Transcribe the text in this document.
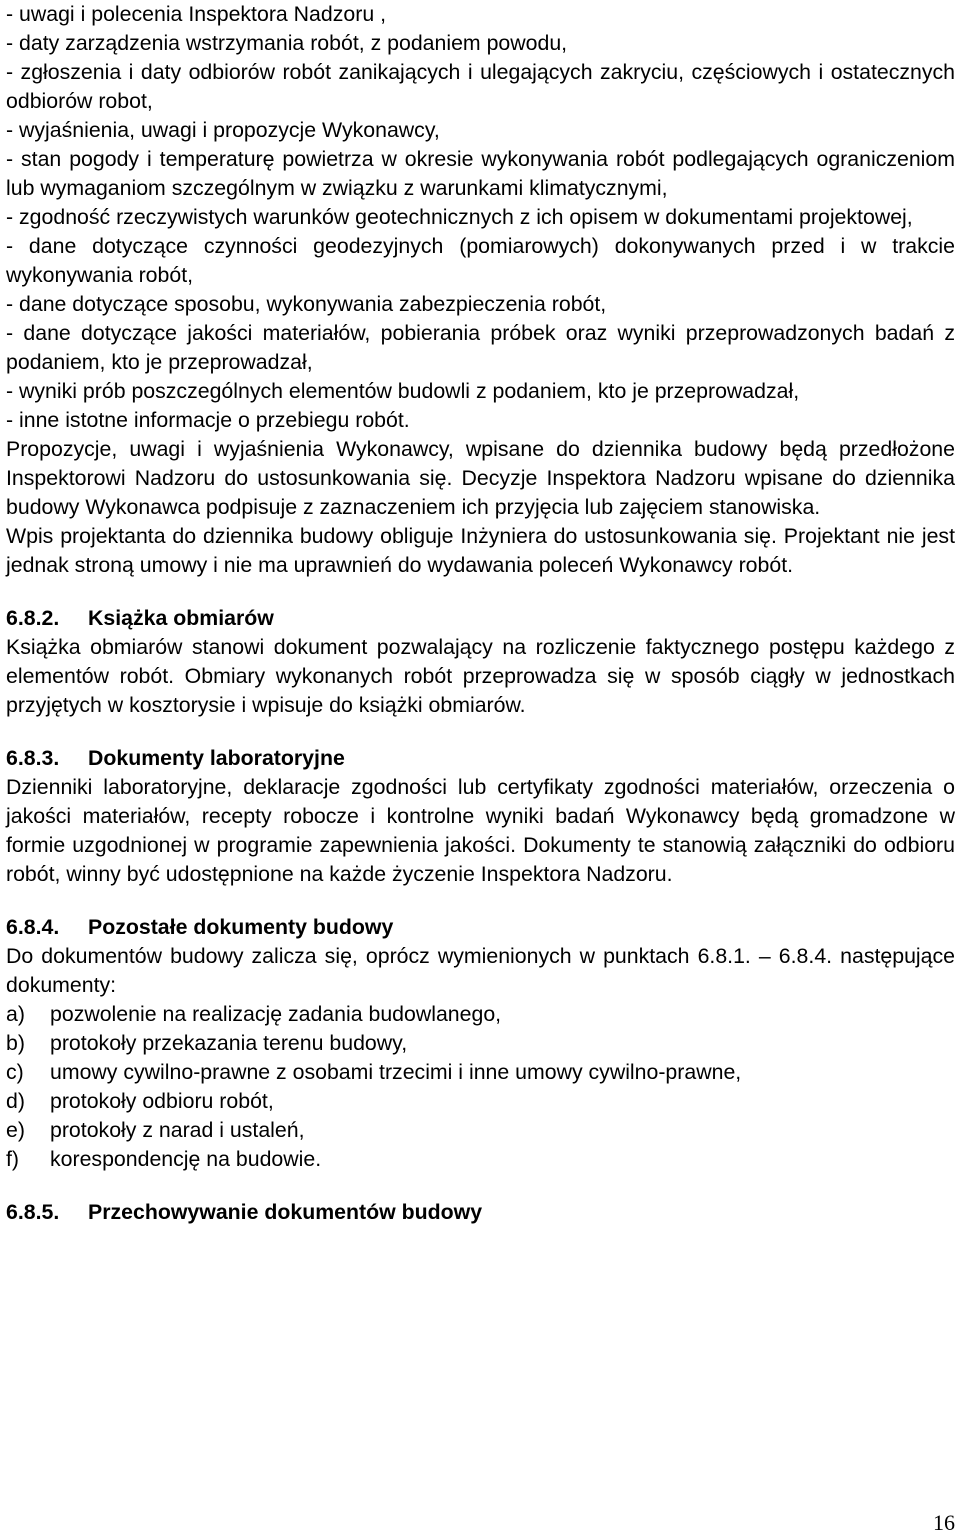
- uwagi i polecenia Inspektora Nadzoru ,

- daty zarządzenia wstrzymania robót, z podaniem powodu,

- zgłoszenia i daty odbiorów robót zanikających i ulegających zakryciu, częściowych i ostatecznych odbiorów robot,

- wyjaśnienia, uwagi i propozycje Wykonawcy,

- stan pogody i temperaturę powietrza w okresie wykonywania robót podlegających ograniczeniom lub wymaganiom szczególnym w związku z warunkami klimatycznymi,

- zgodność rzeczywistych warunków geotechnicznych z ich opisem w dokumentami projektowej,

- dane dotyczące czynności geodezyjnych (pomiarowych) dokonywanych przed i w trakcie wykonywania robót,

- dane dotyczące sposobu, wykonywania zabezpieczenia robót,

- dane dotyczące jakości materiałów, pobierania próbek oraz wyniki przeprowadzonych badań z podaniem, kto je przeprowadzał,

- wyniki prób poszczególnych elementów budowli z podaniem, kto je przeprowadzał,

- inne istotne informacje o przebiegu robót.

Propozycje, uwagi i wyjaśnienia Wykonawcy, wpisane do dziennika budowy będą przedłożone Inspektorowi Nadzoru do ustosunkowania się. Decyzje Inspektora Nadzoru wpisane do dziennika budowy Wykonawca podpisuje z zaznaczeniem ich przyjęcia lub zajęciem stanowiska.

Wpis projektanta do dziennika budowy obliguje Inżyniera do ustosunkowania się. Projektant nie jest jednak stroną umowy i nie ma uprawnień do wydawania poleceń Wykonawcy robót.

6.8.2. Książka obmiarów

Książka obmiarów stanowi dokument pozwalający na rozliczenie faktycznego postępu każdego z elementów robót. Obmiary wykonanych robót przeprowadza się w sposób ciągły w jednostkach przyjętych w kosztorysie i wpisuje do książki obmiarów.

6.8.3. Dokumenty laboratoryjne

Dzienniki laboratoryjne, deklaracje zgodności lub certyfikaty zgodności materiałów, orzeczenia o jakości materiałów, recepty robocze i kontrolne wyniki badań Wykonawcy będą gromadzone w formie uzgodnionej w programie zapewnienia jakości. Dokumenty te stanowią załączniki do odbioru robót, winny być udostępnione na każde życzenie Inspektora Nadzoru.

6.8.4. Pozostałe dokumenty budowy

Do dokumentów budowy zalicza się, oprócz wymienionych w punktach 6.8.1. – 6.8.4. następujące dokumenty:

a)	pozwolenie na realizację zadania budowlanego,
b)	protokoły przekazania terenu budowy,
c)	umowy cywilno-prawne z osobami trzecimi i inne umowy cywilno-prawne,
d)	protokoły odbioru robót,
e)	protokoły z narad i ustaleń,
f)	korespondencję na budowie.
6.8.5. Przechowywanie dokumentów budowy
16
